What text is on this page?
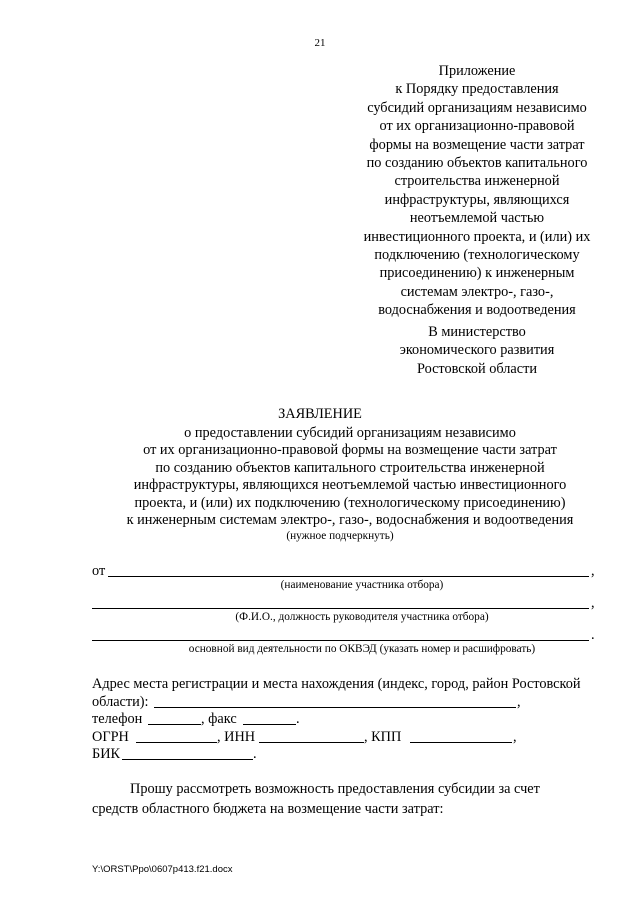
21
Приложение
к Порядку предоставления
субсидий организациям независимо
от их организационно-правовой
формы на возмещение части затрат
по созданию объектов капитального
строительства инженерной
инфраструктуры, являющихся
неотъемлемой частью
инвестиционного проекта, и (или) их
подключению (технологическому
присоединению) к инженерным
системам электро-, газо-,
водоснабжения и водоотведения
В министерство
экономического развития
Ростовской области
ЗАЯВЛЕНИЕ
о предоставлении субсидий организациям независимо
от их организационно-правовой формы на возмещение части затрат
по созданию объектов капитального строительства инженерной
инфраструктуры, являющихся неотъемлемой частью инвестиционного
проекта, и (или) их подключению (технологическому присоединению)
к инженерным системам электро-, газо-, водоснабжения и водоотведения
(нужное подчеркнуть)
от	,
(наименование участника отбора)
,
(Ф.И.О., должность руководителя участника отбора)
.
основной вид деятельности по ОКВЭД (указать номер и расшифровать)
Адрес места регистрации и места нахождения (индекс, город, район Ростовской
области):	,
телефон	, факс	.
ОГРН	, ИНН	, КПП	,
БИК	.
Прошу рассмотреть возможность предоставления субсидии за счет
средств областного бюджета на возмещение части затрат:
Y:\ORST\Ppo\0607p413.f21.docx
